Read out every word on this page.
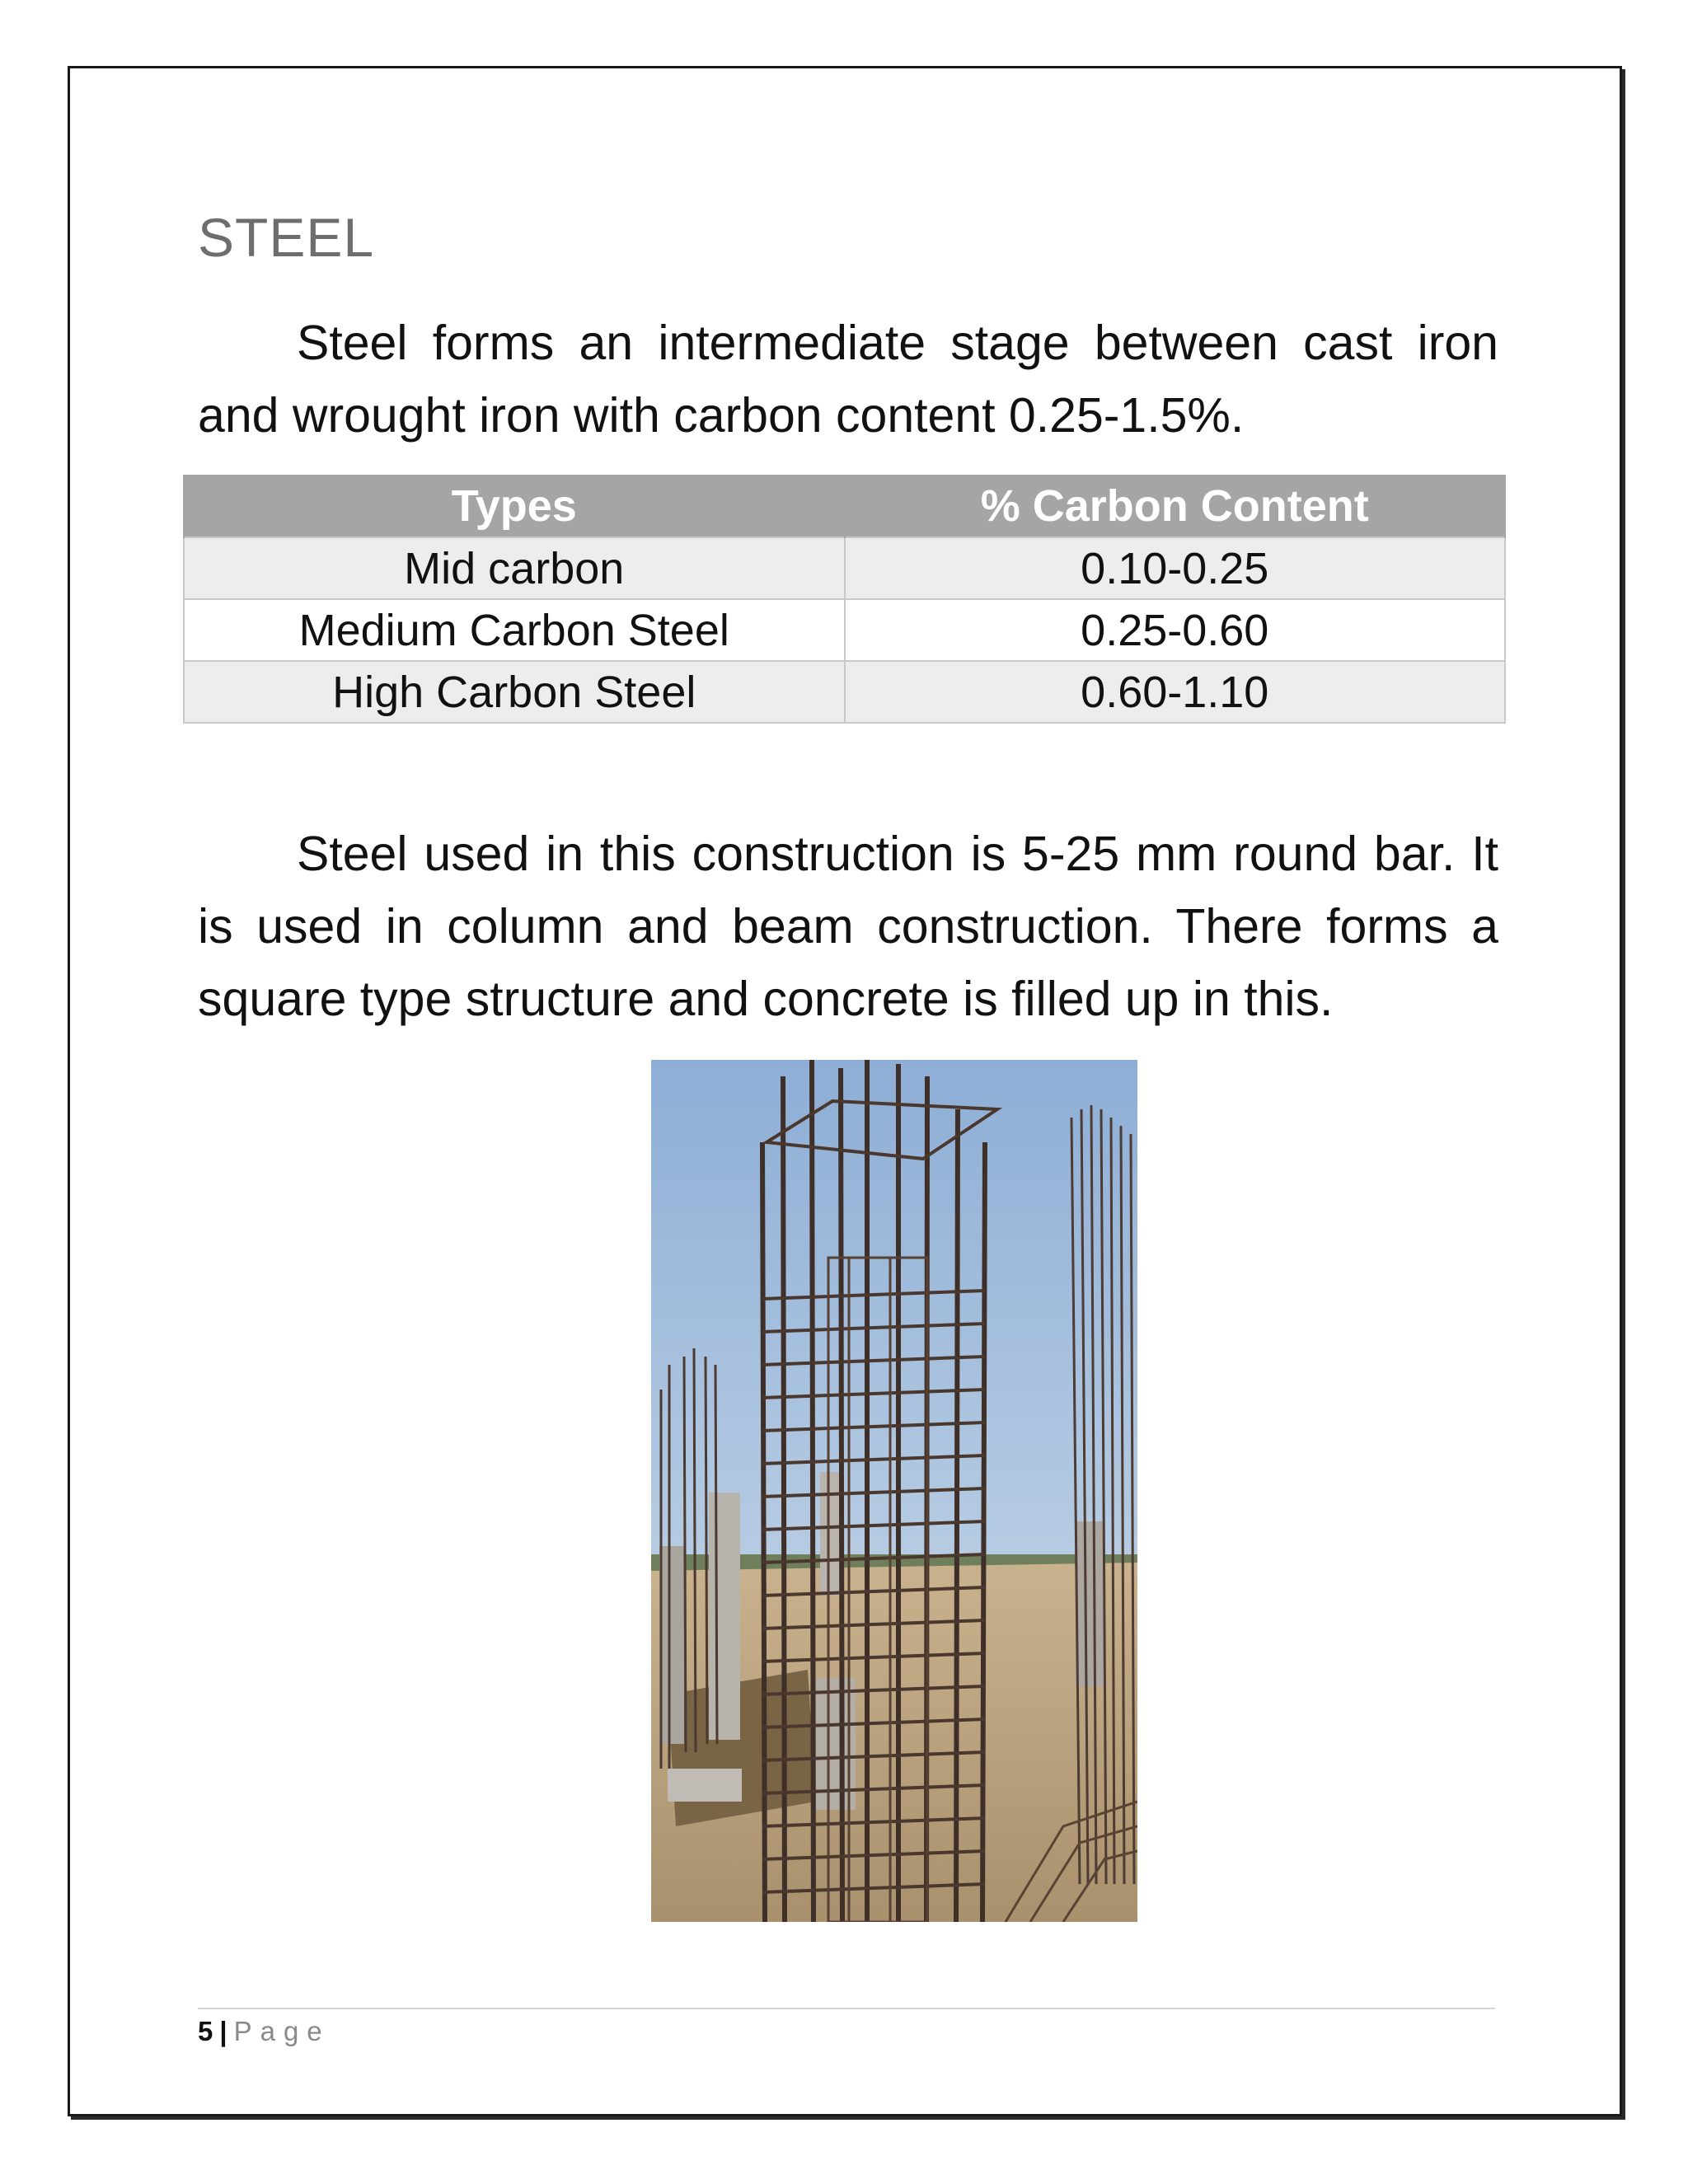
STEEL

Steel forms an intermediate stage between cast iron and wrought iron with carbon content 0.25-1.5%.

Types	% Carbon Content
Mid carbon	0.10-0.25
Medium Carbon Steel	0.25-0.60
High Carbon Steel	0.60-1.10

Steel used in this construction is 5-25 mm round bar. It is used in column and beam construction. There forms a square type structure and concrete is filled up in this.

5 | Page
